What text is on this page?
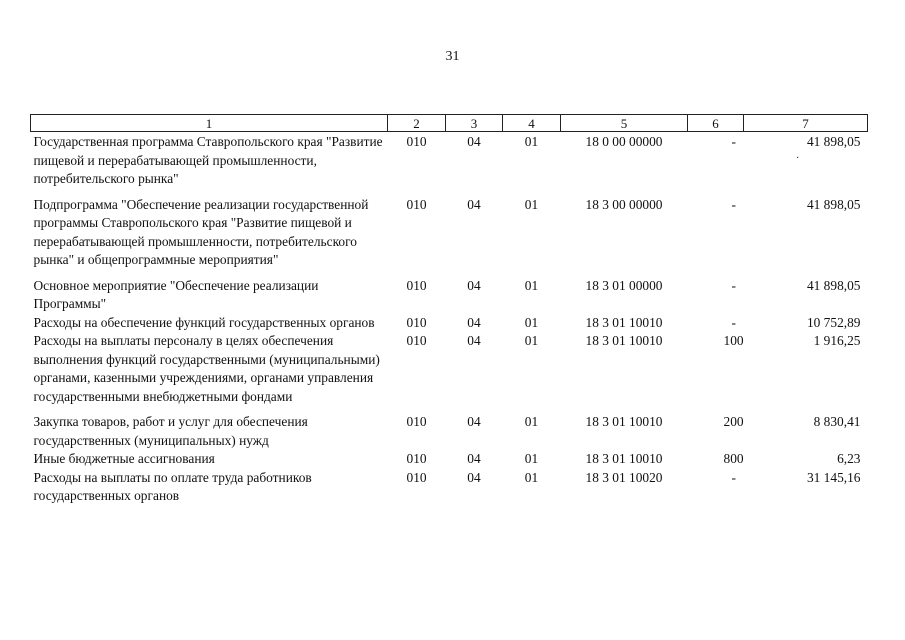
31
·
1	2	3	4	5	6	7
Государственная программа Ставропольского края "Развитие пищевой и перерабатывающей промышленности, потребительского рынка"	010	04	01	18 0 00 00000	-	41 898,05
Подпрограмма "Обеспечение реализации государственной программы Ставропольского края "Развитие пищевой и перерабатывающей промышленности, потребительского рынка" и общепрограммные мероприятия"	010	04	01	18 3 00 00000	-	41 898,05
Основное мероприятие "Обеспечение реализации Программы"	010	04	01	18 3 01 00000	-	41 898,05
Расходы на обеспечение функций государственных органов	010	04	01	18 3 01 10010	-	10 752,89
Расходы на выплаты персоналу в целях обеспечения выполнения функций государственными (муниципальными) органами, казенными учреждениями, органами управления государственными внебюджетными фондами	010	04	01	18 3 01 10010	100	1 916,25
Закупка товаров, работ и услуг для обеспечения государственных (муниципальных) нужд	010	04	01	18 3 01 10010	200	8 830,41
Иные бюджетные ассигнования	010	04	01	18 3 01 10010	800	6,23
Расходы на выплаты по оплате труда работников государственных органов	010	04	01	18 3 01 10020	-	31 145,16
